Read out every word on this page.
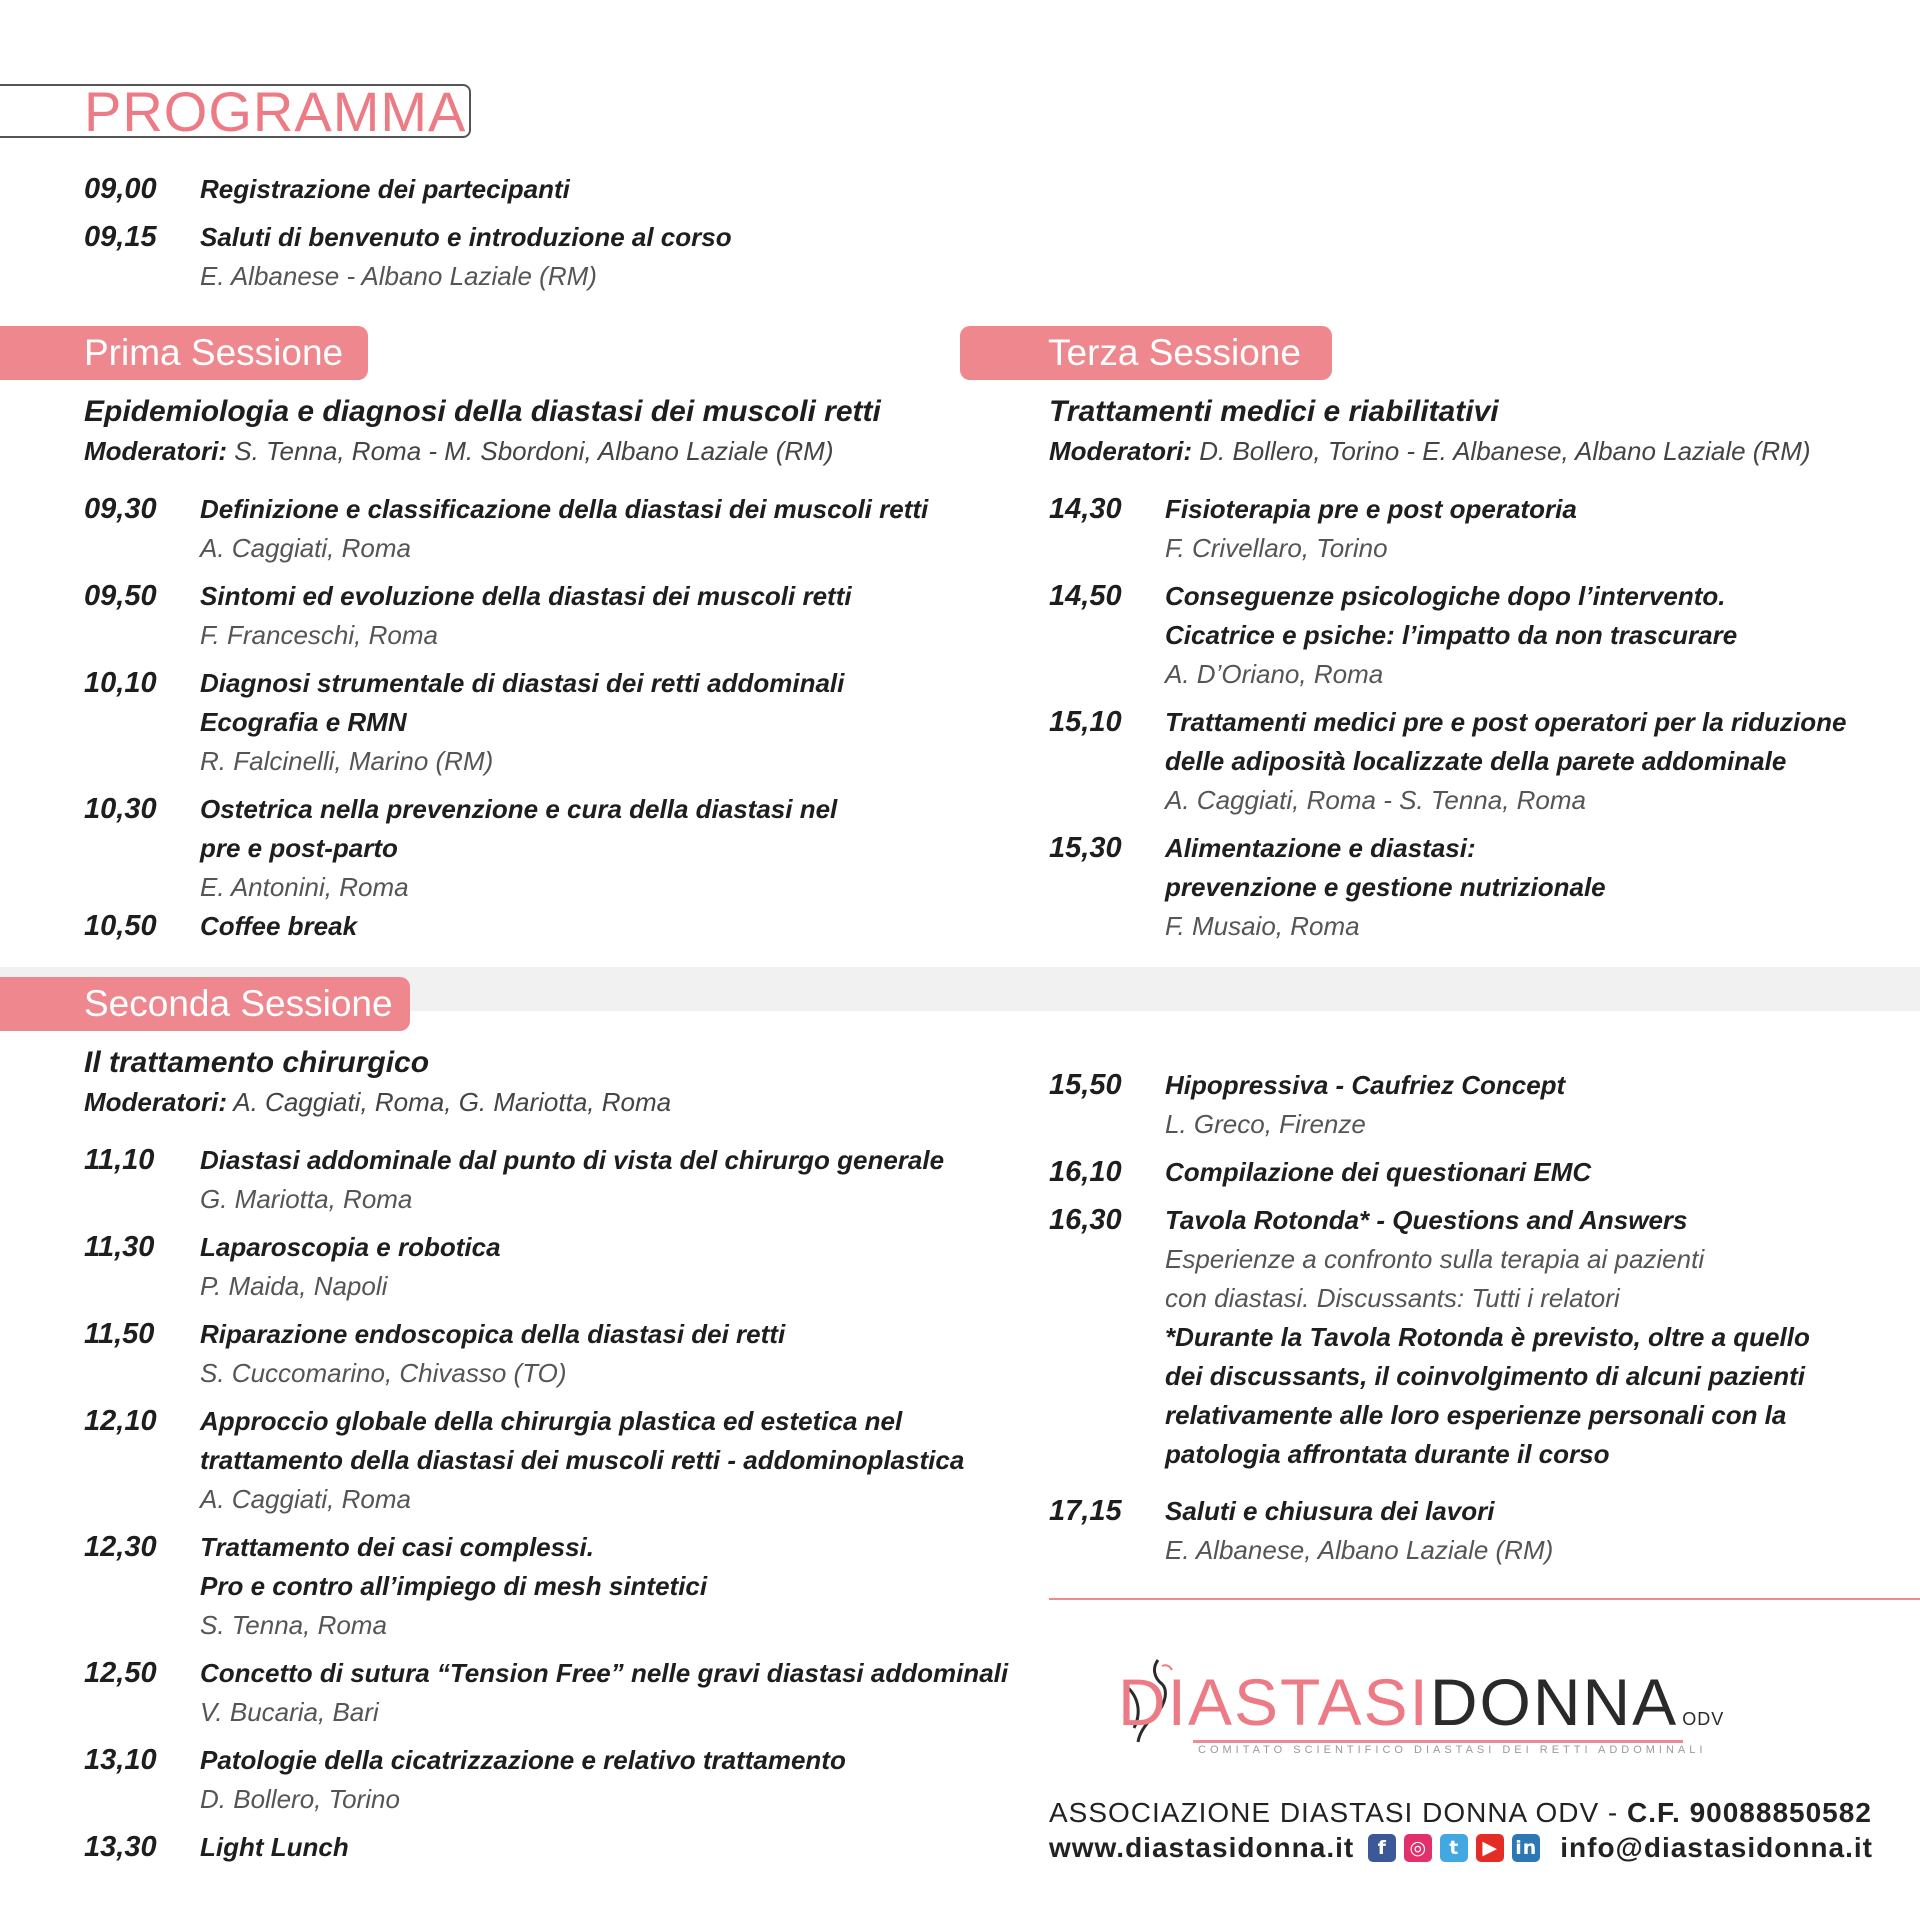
PROGRAMMA
09,00	Registrazione dei partecipanti
09,15	Saluti di benvenuto e introduzione al corso
E. Albanese - Albano Laziale (RM)
Prima Sessione
Epidemiologia e diagnosi della diastasi dei muscoli retti
Moderatori: S. Tenna, Roma - M. Sbordoni, Albano Laziale (RM)
09,30	Definizione e classificazione della diastasi dei muscoli retti
A. Caggiati, Roma
09,50	Sintomi ed evoluzione della diastasi dei muscoli retti
F. Franceschi, Roma
10,10	Diagnosi strumentale di diastasi dei retti addominali
Ecografia e RMN
R. Falcinelli, Marino (RM)
10,30	Ostetrica nella prevenzione e cura della diastasi nel
pre e post-parto
E. Antonini, Roma
10,50	Coffee break
Seconda Sessione
Il trattamento chirurgico
Moderatori: A. Caggiati, Roma, G. Mariotta, Roma
11,10	Diastasi addominale dal punto di vista del chirurgo generale
G. Mariotta, Roma
11,30	Laparoscopia e robotica
P. Maida, Napoli
11,50	Riparazione endoscopica della diastasi dei retti
S. Cuccomarino, Chivasso (TO)
12,10	Approccio globale della chirurgia plastica ed estetica nel
trattamento della diastasi dei muscoli retti - addominoplastica
A. Caggiati, Roma
12,30	Trattamento dei casi complessi.
Pro e contro all’impiego di mesh sintetici
S. Tenna, Roma
12,50	Concetto di sutura “Tension Free” nelle gravi diastasi addominali
V. Bucaria, Bari
13,10	Patologie della cicatrizzazione e relativo trattamento
D. Bollero, Torino
13,30	Light Lunch
Terza Sessione
Trattamenti medici e riabilitativi
Moderatori: D. Bollero, Torino - E. Albanese, Albano Laziale (RM)
14,30	Fisioterapia pre e post operatoria
F. Crivellaro, Torino
14,50	Conseguenze psicologiche dopo l’intervento.
Cicatrice e psiche: l’impatto da non trascurare
A. D’Oriano, Roma
15,10	Trattamenti medici pre e post operatori per la riduzione
delle adiposità localizzate della parete addominale
A. Caggiati, Roma - S. Tenna, Roma
15,30	Alimentazione e diastasi:
prevenzione e gestione nutrizionale
F. Musaio, Roma
15,50	Hipopressiva - Caufriez Concept
L. Greco, Firenze
16,10	Compilazione dei questionari EMC
16,30	Tavola Rotonda* - Questions and Answers
Esperienze a confronto sulla terapia ai pazienti
con diastasi. Discussants: Tutti i relatori
*Durante la Tavola Rotonda è previsto, oltre a quello
dei discussants, il coinvolgimento di alcuni pazienti
relativamente alle loro esperienze personali con la
patologia affrontata durante il corso
17,15	Saluti e chiusura dei lavori
E. Albanese, Albano Laziale (RM)
DIASTASIDONNA ODV
COMITATO SCIENTIFICO DIASTASI DEI RETTI ADDOMINALI
ASSOCIAZIONE DIASTASI DONNA ODV - C.F. 90088850582
www.diastasidonna.it	f	◎	t	▶ in info@diastasidonna.it
